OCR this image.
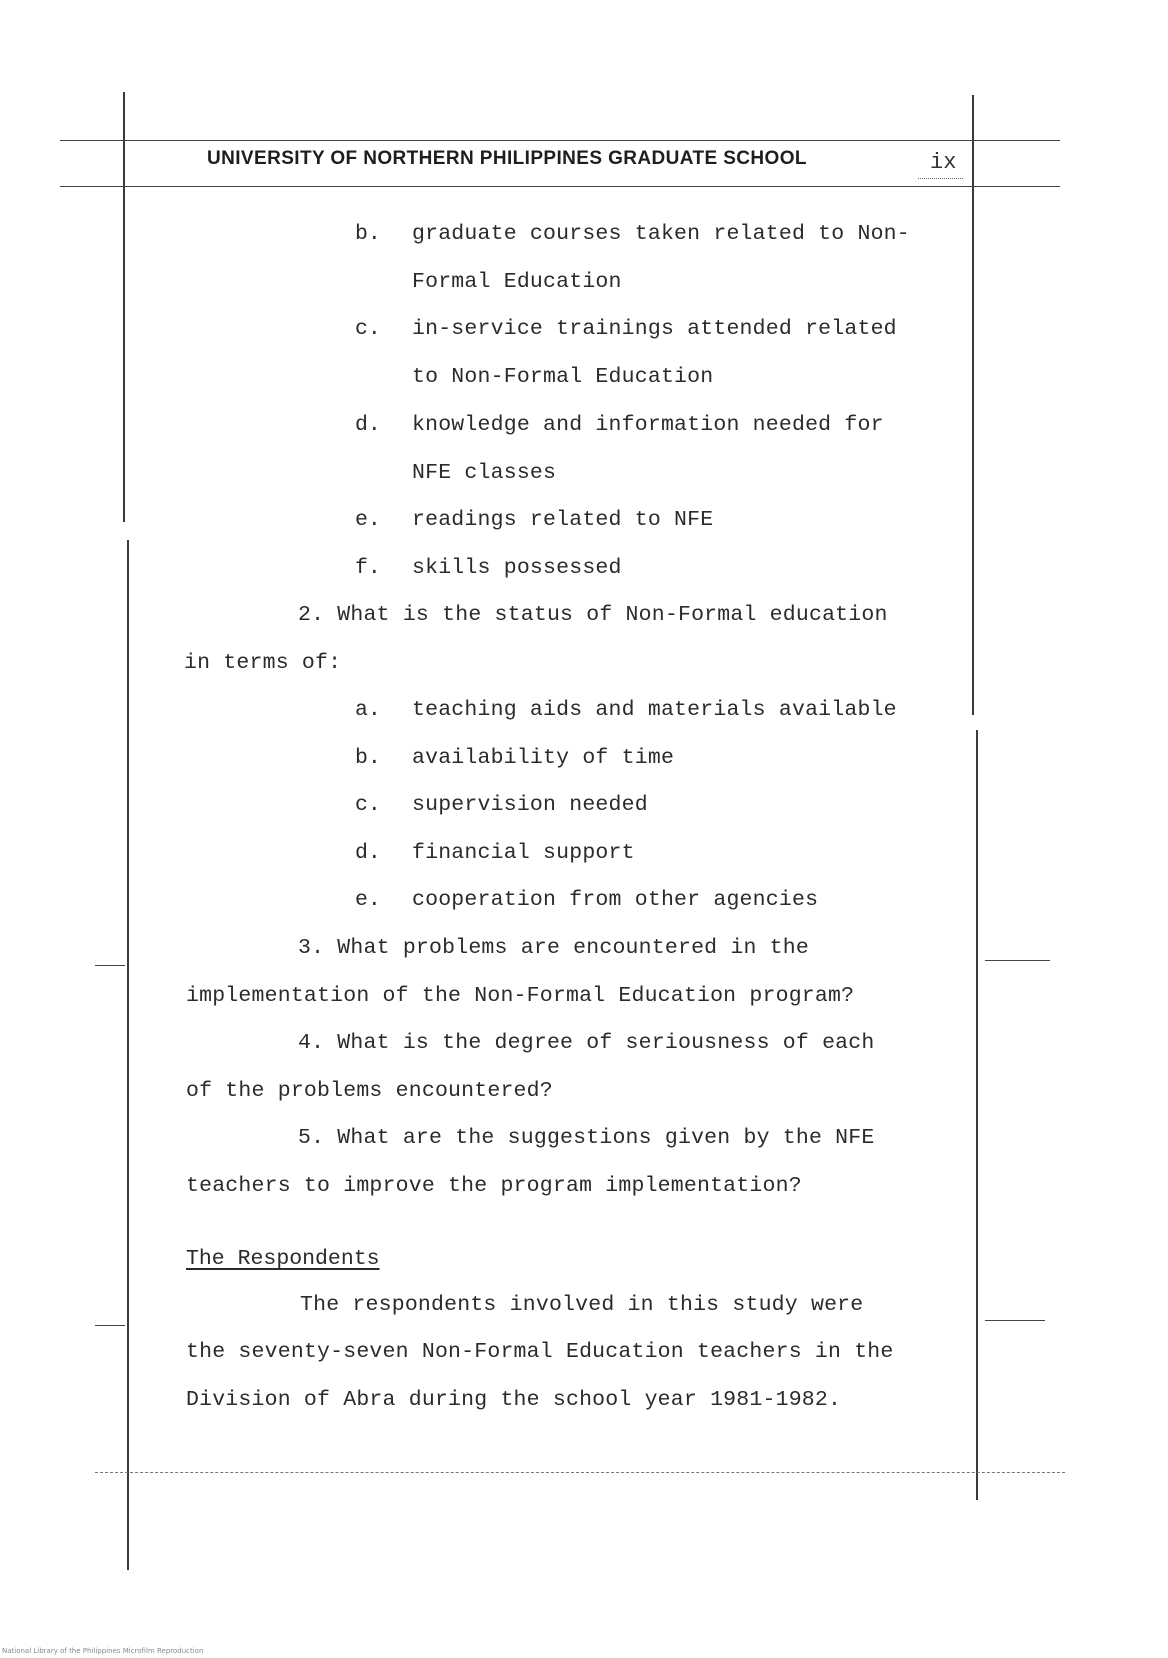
UNIVERSITY OF NORTHERN PHILIPPINES GRADUATE SCHOOL	ix
b. graduate courses taken related to Non-
Formal Education
c. in-service trainings attended related
to Non-Formal Education
d. knowledge and information needed for
NFE classes
e. readings related to NFE
f. skills possessed
2. What is the status of Non-Formal education
in terms of:
a. teaching aids and materials available
b. availability of time
c. supervision needed
d. financial support
e. cooperation from other agencies
3. What problems are encountered in the
implementation of the Non-Formal Education program?
4. What is the degree of seriousness of each
of the problems encountered?
5. What are the suggestions given by the NFE
teachers to improve the program implementation?
The Respondents
The respondents involved in this study were
the seventy-seven Non-Formal Education teachers in the
Division of Abra during the school year 1981-1982.
National Library of the Philippines Microfilm Reproduction
